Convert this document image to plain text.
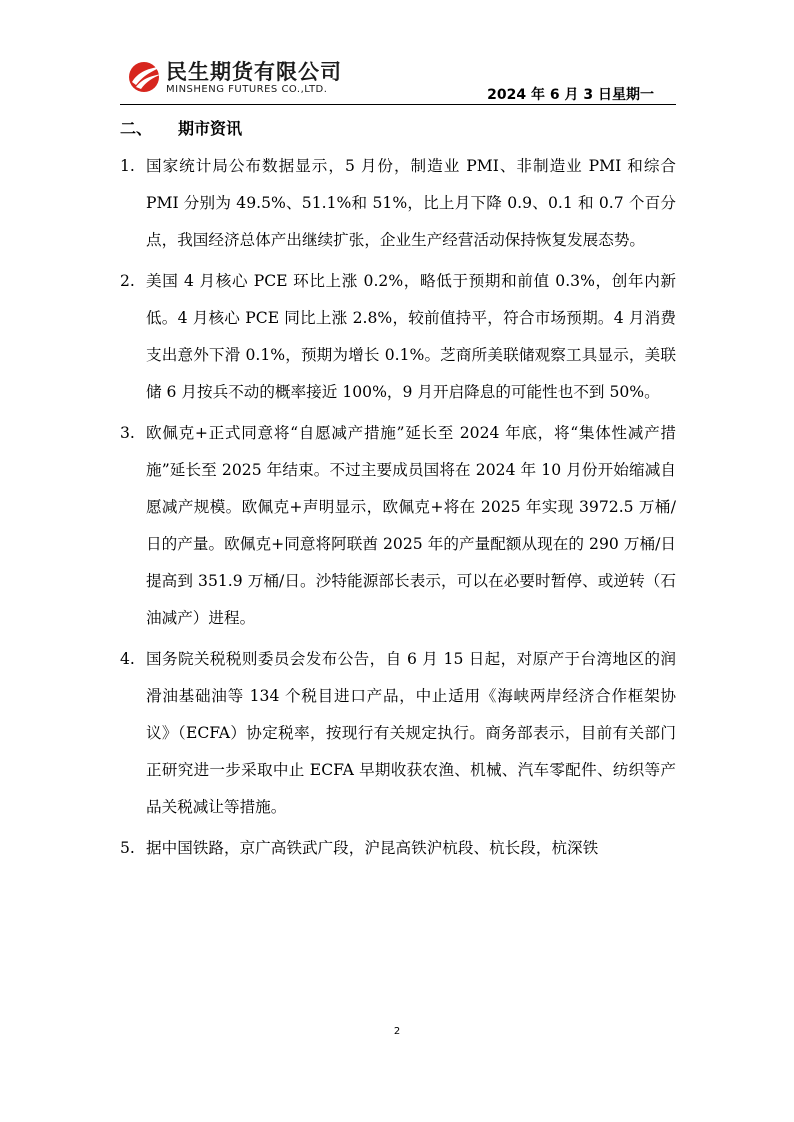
民生期货有限公司
MINSHENG FUTURES CO.,LTD.	2024 年 6 月 3 日星期一
二、 期市资讯
1. 国家统计局公布数据显示，5 月份，制造业 PMI、非制造业 PMI 和综合 PMI 分别为 49.5%、51.1%和 51%，比上月下降 0.9、0.1 和 0.7 个百分点，我国经济总体产出继续扩张，企业生产经营活动保持恢复发展态势。
2. 美国 4 月核心 PCE 环比上涨 0.2%，略低于预期和前值 0.3%，创年内新低。4 月核心 PCE 同比上涨 2.8%，较前值持平，符合市场预期。4 月消费支出意外下滑 0.1%，预期为增长 0.1%。芝商所美联储观察工具显示，美联储 6 月按兵不动的概率接近 100%，9 月开启降息的可能性也不到 50%。
3. 欧佩克+正式同意将“自愿减产措施”延长至 2024 年底，将“集体性减产措施”延长至 2025 年结束。不过主要成员国将在 2024 年 10 月份开始缩减自愿减产规模。欧佩克+声明显示，欧佩克+将在 2025 年实现 3972.5 万桶/日的产量。欧佩克+同意将阿联酋 2025 年的产量配额从现在的 290 万桶/日提高到 351.9 万桶/日。沙特能源部长表示，可以在必要时暂停、或逆转（石油减产）进程。
4. 国务院关税税则委员会发布公告，自 6 月 15 日起，对原产于台湾地区的润滑油基础油等 134 个税目进口产品，中止适用《海峡两岸经济合作框架协议》（ECFA）协定税率，按现行有关规定执行。商务部表示，目前有关部门正研究进一步采取中止 ECFA 早期收获农渔、机械、汽车零配件、纺织等产品关税减让等措施。
5. 据中国铁路，京广高铁武广段，沪昆高铁沪杭段、杭长段，杭深铁
2
